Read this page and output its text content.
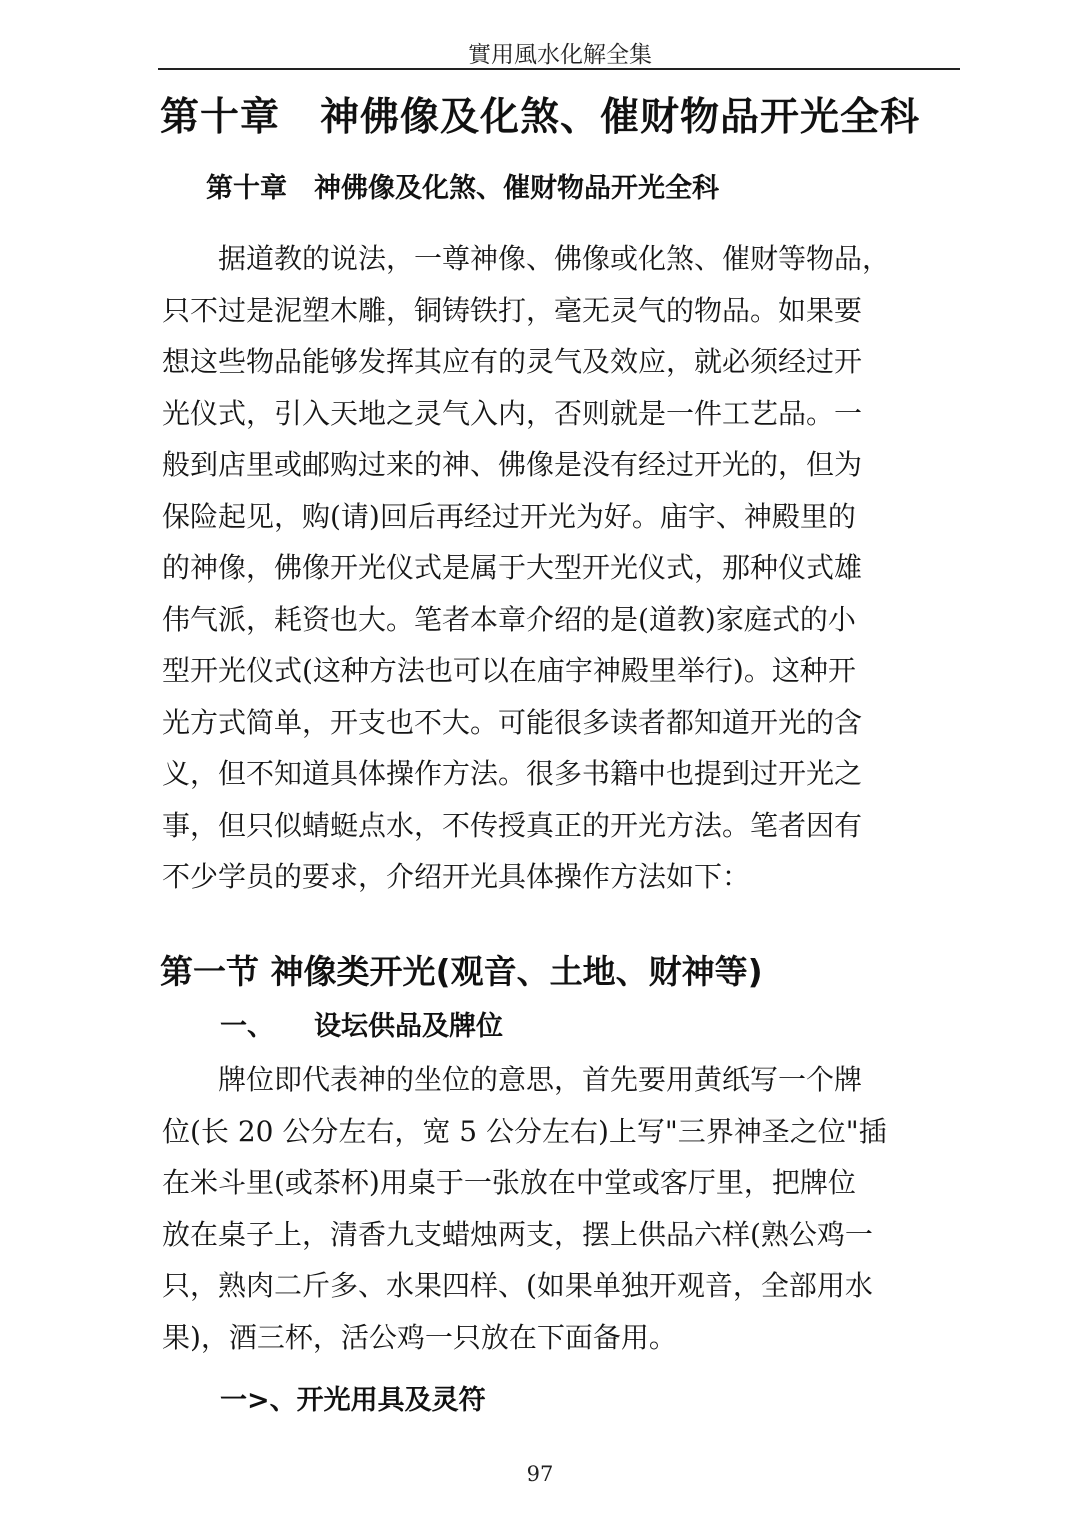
實用風水化解全集
第十章　神佛像及化煞、催财物品开光全科
第十章　神佛像及化煞、催财物品开光全科

　　据道教的说法，一尊神像、佛像或化煞、催财等物品，

只不过是泥塑木雕，铜铸铁打，毫无灵气的物品。如果要

想这些物品能够发挥其应有的灵气及效应，就必须经过开

光仪式，引入天地之灵气入内，否则就是一件工艺品。一

般到店里或邮购过来的神、佛像是没有经过开光的，但为

保险起见，购(请)回后再经过开光为好。庙宇、神殿里的

的神像，佛像开光仪式是属于大型开光仪式，那种仪式雄

伟气派，耗资也大。笔者本章介绍的是(道教)家庭式的小

型开光仪式(这种方法也可以在庙宇神殿里举行)。这种开

光方式简单，开支也不大。可能很多读者都知道开光的含

义，但不知道具体操作方法。很多书籍中也提到过开光之

事，但只似蜻蜓点水，不传授真正的开光方法。笔者因有

不少学员的要求，介绍开光具体操作方法如下：

第一节 神像类开光(观音、土地、财神等)
一、 设坛供品及牌位

　　牌位即代表神的坐位的意思，首先要用黄纸写一个牌

位(长 20 公分左右，宽 5 公分左右)上写"三界神圣之位"插

在米斗里(或茶杯)用桌于一张放在中堂或客厅里，把牌位

放在桌子上，清香九支蜡烛两支，摆上供品六样(熟公鸡一

只，熟肉二斤多、水果四样、(如果单独开观音，全部用水

果)，酒三杯，活公鸡一只放在下面备用。

一>、开光用具及灵符
97
